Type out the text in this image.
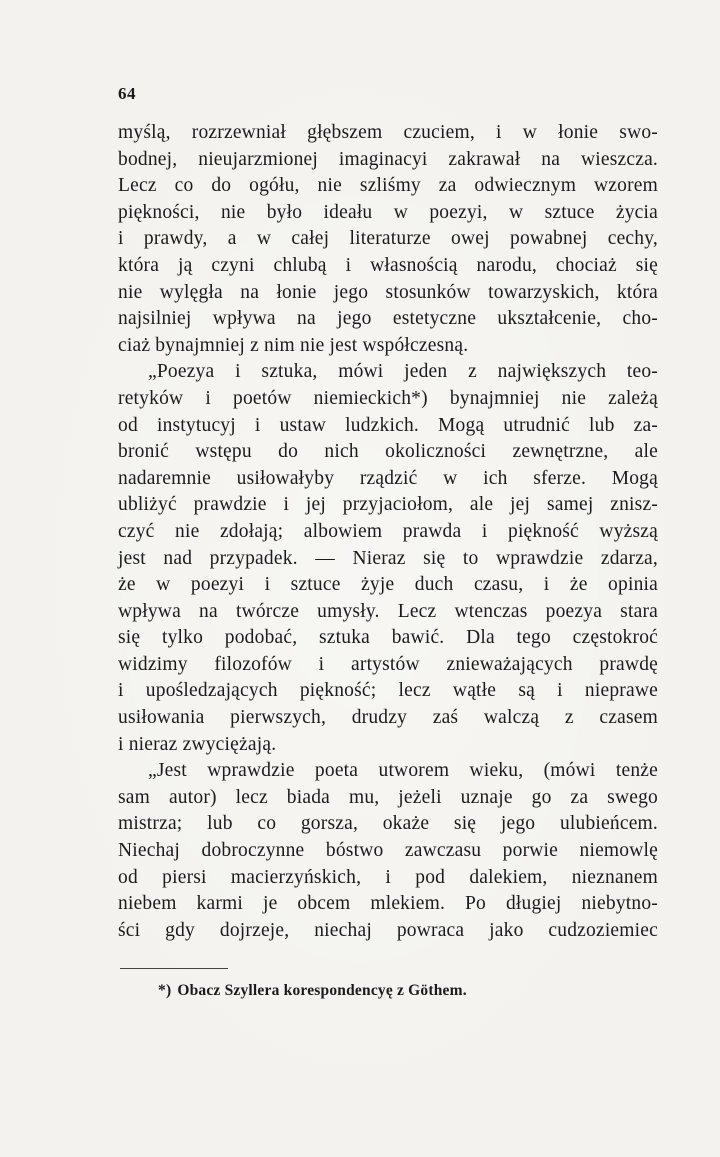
64
myślą, rozrzewniał głębszem czuciem, i w łonie swo-
bodnej, nieujarzmionej imaginacyi zakrawał na wieszcza.
Lecz co do ogółu, nie szliśmy za odwiecznym wzorem
piękności, nie było ideału w poezyi, w sztuce życia
i prawdy, a w całej literaturze owej powabnej cechy,
która ją czyni chlubą i własnością narodu, chociaż się
nie wylęgła na łonie jego stosunków towarzyskich, która
najsilniej wpływa na jego estetyczne ukształcenie, cho-
ciaż bynajmniej z nim nie jest współczesną.
„Poezya i sztuka, mówi jeden z największych teo-
retyków i poetów niemieckich*) bynajmniej nie zależą
od instytucyj i ustaw ludzkich. Mogą utrudnić lub za-
bronić wstępu do nich okoliczności zewnętrzne, ale
nadaremnie usiłowałyby rządzić w ich sferze. Mogą
ubliżyć prawdzie i jej przyjaciołom, ale jej samej znisz-
czyć nie zdołają; albowiem prawda i piękność wyższą
jest nad przypadek. — Nieraz się to wprawdzie zdarza,
że w poezyi i sztuce żyje duch czasu, i że opinia
wpływa na twórcze umysły. Lecz wtenczas poezya stara
się tylko podobać, sztuka bawić. Dla tego częstokroć
widzimy filozofów i artystów znieważających prawdę
i upośledzających piękność; lecz wątłe są i nieprawe
usiłowania pierwszych, drudzy zaś walczą z czasem
i nieraz zwyciężają.
„Jest wprawdzie poeta utworem wieku, (mówi tenże
sam autor) lecz biada mu, jeżeli uznaje go za swego
mistrza; lub co gorsza, okaże się jego ulubieńcem.
Niechaj dobroczynne bóstwo zawczasu porwie niemowlę
od piersi macierzyńskich, i pod dalekiem, nieznanem
niebem karmi je obcem mlekiem. Po długiej niebytno-
ści gdy dojrzeje, niechaj powraca jako cudzoziemiec
*) Obacz Szyllera korespondencyę z Göthem.
